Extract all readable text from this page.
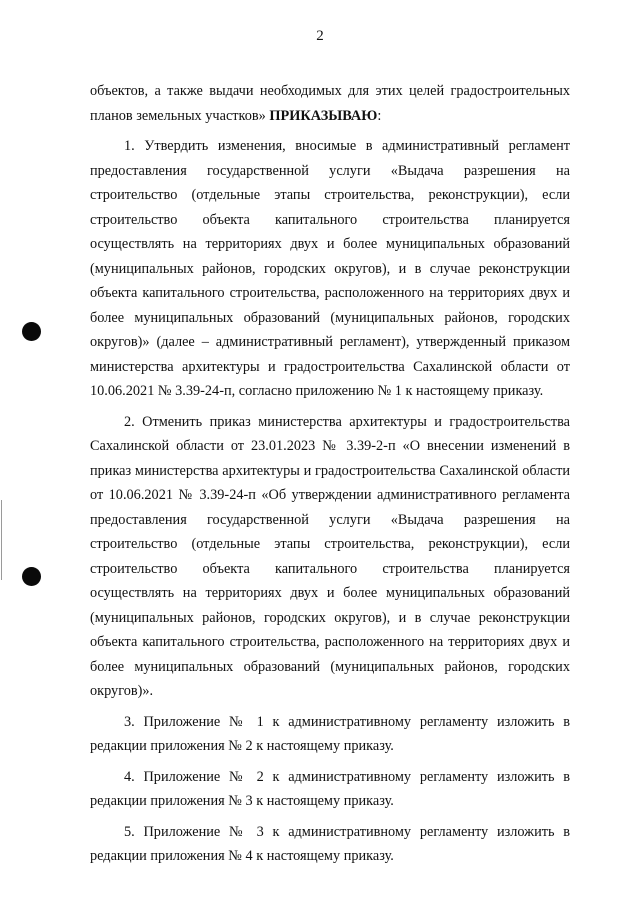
2

объектов, а также выдачи необходимых для этих целей градостроительных планов земельных участков» ПРИКАЗЫВАЮ:

1. Утвердить изменения, вносимые в административный регламент предоставления государственной услуги «Выдача разрешения на строительство (отдельные этапы строительства, реконструкции), если строительство объекта капитального строительства планируется осуществлять на территориях двух и более муниципальных образований (муниципальных районов, городских округов), и в случае реконструкции объекта капитального строительства, расположенного на территориях двух и более муниципальных образований (муниципальных районов, городских округов)» (далее – административный регламент), утвержденный приказом министерства архитектуры и градостроительства Сахалинской области от 10.06.2021 № 3.39-24-п, согласно приложению № 1 к настоящему приказу.

2. Отменить приказ министерства архитектуры и градостроительства Сахалинской области от 23.01.2023 № 3.39-2-п «О внесении изменений в приказ министерства архитектуры и градостроительства Сахалинской области от 10.06.2021 № 3.39-24-п «Об утверждении административного регламента предоставления государственной услуги «Выдача разрешения на строительство (отдельные этапы строительства, реконструкции), если строительство объекта капитального строительства планируется осуществлять на территориях двух и более муниципальных образований (муниципальных районов, городских округов), и в случае реконструкции объекта капитального строительства, расположенного на территориях двух и более муниципальных образований (муниципальных районов, городских округов)».

3. Приложение № 1 к административному регламенту изложить в редакции приложения № 2 к настоящему приказу.

4. Приложение № 2 к административному регламенту изложить в редакции приложения № 3 к настоящему приказу.

5. Приложение № 3 к административному регламенту изложить в редакции приложения № 4 к настоящему приказу.
